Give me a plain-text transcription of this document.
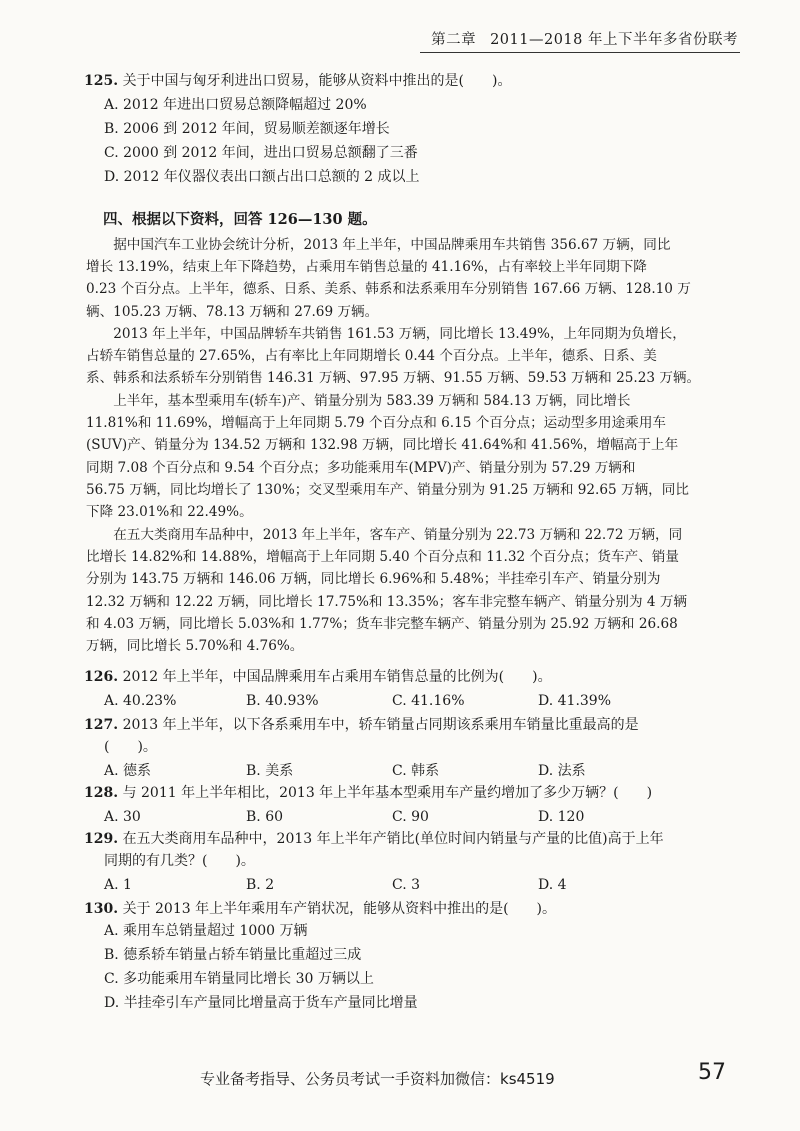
第二章 2011—2018 年上下半年多省份联考
125. 关于中国与匈牙利进出口贸易，能够从资料中推出的是(　　)。
A. 2012 年进出口贸易总额降幅超过 20%
B. 2006 到 2012 年间，贸易顺差额逐年增长
C. 2000 到 2012 年间，进出口贸易总额翻了三番
D. 2012 年仪器仪表出口额占出口总额的 2 成以上
四、根据以下资料，回答 126—130 题。
据中国汽车工业协会统计分析，2013 年上半年，中国品牌乘用车共销售 356.67 万辆，同比
增长 13.19%，结束上年下降趋势，占乘用车销售总量的 41.16%，占有率较上半年同期下降
0.23 个百分点。上半年，德系、日系、美系、韩系和法系乘用车分别销售 167.66 万辆、128.10 万
辆、105.23 万辆、78.13 万辆和 27.69 万辆。
2013 年上半年，中国品牌轿车共销售 161.53 万辆，同比增长 13.49%，上年同期为负增长，
占轿车销售总量的 27.65%，占有率比上年同期增长 0.44 个百分点。上半年，德系、日系、美
系、韩系和法系轿车分别销售 146.31 万辆、97.95 万辆、91.55 万辆、59.53 万辆和 25.23 万辆。
上半年，基本型乘用车(轿车)产、销量分别为 583.39 万辆和 584.13 万辆，同比增长
11.81%和 11.69%，增幅高于上年同期 5.79 个百分点和 6.15 个百分点；运动型多用途乘用车
(SUV)产、销量分为 134.52 万辆和 132.98 万辆，同比增长 41.64%和 41.56%，增幅高于上年
同期 7.08 个百分点和 9.54 个百分点；多功能乘用车(MPV)产、销量分别为 57.29 万辆和
56.75 万辆，同比均增长了 130%；交叉型乘用车产、销量分别为 91.25 万辆和 92.65 万辆，同比
下降 23.01%和 22.49%。
在五大类商用车品种中，2013 年上半年，客车产、销量分别为 22.73 万辆和 22.72 万辆，同
比增长 14.82%和 14.88%，增幅高于上年同期 5.40 个百分点和 11.32 个百分点；货车产、销量
分别为 143.75 万辆和 146.06 万辆，同比增长 6.96%和 5.48%；半挂牵引车产、销量分别为
12.32 万辆和 12.22 万辆，同比增长 17.75%和 13.35%；客车非完整车辆产、销量分别为 4 万辆
和 4.03 万辆，同比增长 5.03%和 1.77%；货车非完整车辆产、销量分别为 25.92 万辆和 26.68
万辆，同比增长 5.70%和 4.76%。
126. 2012 年上半年，中国品牌乘用车占乘用车销售总量的比例为(　　)。
A. 40.23%	B. 40.93%	C. 41.16%	D. 41.39%
127. 2013 年上半年，以下各系乘用车中，轿车销量占同期该系乘用车销量比重最高的是
(　　)。
A. 德系	B. 美系	C. 韩系	D. 法系
128. 与 2011 年上半年相比，2013 年上半年基本型乘用车产量约增加了多少万辆？(　　)
A. 30	B. 60	C. 90	D. 120
129. 在五大类商用车品种中，2013 年上半年产销比(单位时间内销量与产量的比值)高于上年
同期的有几类？(　　)。
A. 1	B. 2	C. 3	D. 4
130. 关于 2013 年上半年乘用车产销状况，能够从资料中推出的是(　　)。
A. 乘用车总销量超过 1000 万辆
B. 德系轿车销量占轿车销量比重超过三成
C. 多功能乘用车销量同比增长 30 万辆以上
D. 半挂牵引车产量同比增量高于货车产量同比增量
专业备考指导、公务员考试一手资料加微信：ks4519	57
